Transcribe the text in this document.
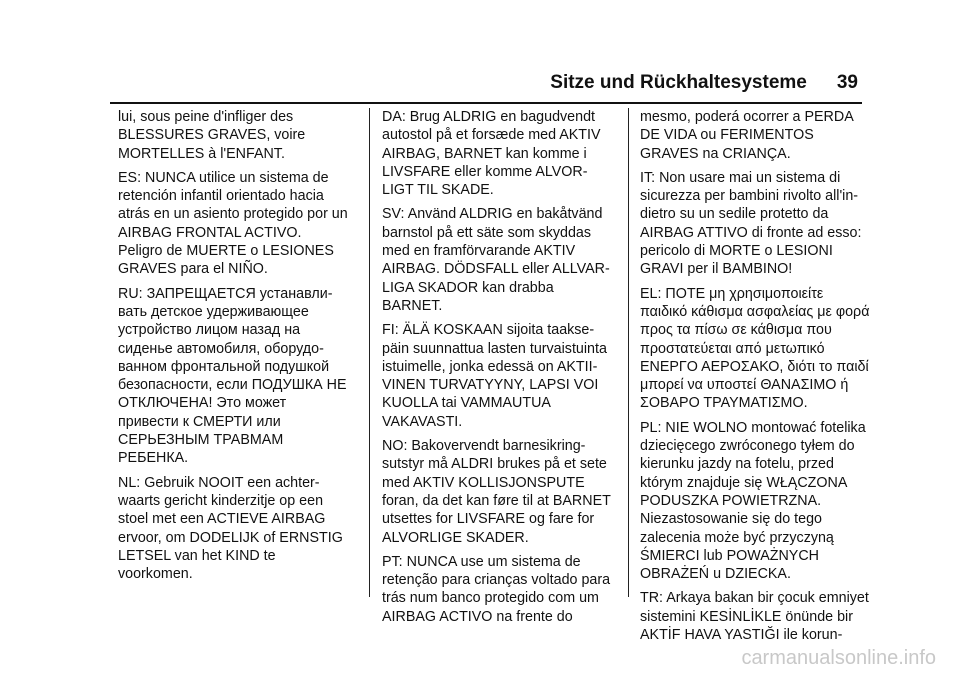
Sitze und Rückhaltesysteme 39

lui, sous peine d'infliger des
BLESSURES GRAVES, voire
MORTELLES à l'ENFANT.

ES: NUNCA utilice un sistema de
retención infantil orientado hacia
atrás en un asiento protegido por un
AIRBAG FRONTAL ACTIVO.
Peligro de MUERTE o LESIONES
GRAVES para el NIÑO.

RU: ЗАПРЕЩАЕТСЯ устанавли-
вать детское удерживающее
устройство лицом назад на
сиденье автомобиля, оборудо-
ванном фронтальной подушкой
безопасности, если ПОДУШКА НЕ
ОТКЛЮЧЕНА! Это может
привести к СМЕРТИ или
СЕРЬЕЗНЫМ ТРАВМАМ
РЕБЕНКА.

NL: Gebruik NOOIT een achter-
waarts gericht kinderzitje op een
stoel met een ACTIEVE AIRBAG
ervoor, om DODELIJK of ERNSTIG
LETSEL van het KIND te
voorkomen.

DA: Brug ALDRIG en bagudvendt
autostol på et forsæde med AKTIV
AIRBAG, BARNET kan komme i
LIVSFARE eller komme ALVOR-
LIGT TIL SKADE.

SV: Använd ALDRIG en bakåtvänd
barnstol på ett säte som skyddas
med en framförvarande AKTIV
AIRBAG. DÖDSFALL eller ALLVAR-
LIGA SKADOR kan drabba
BARNET.

FI: ÄLÄ KOSKAAN sijoita taakse-
päin suunnattua lasten turvaistuinta
istuimelle, jonka edessä on AKTII-
VINEN TURVATYYNY, LAPSI VOI
KUOLLA tai VAMMAUTUA
VAKAVASTI.

NO: Bakovervendt barnesikring-
sutstyr må ALDRI brukes på et sete
med AKTIV KOLLISJONSPUTE
foran, da det kan føre til at BARNET
utsettes for LIVSFARE og fare for
ALVORLIGE SKADER.

PT: NUNCA use um sistema de
retenção para crianças voltado para
trás num banco protegido com um
AIRBAG ACTIVO na frente do

mesmo, poderá ocorrer a PERDA
DE VIDA ou FERIMENTOS
GRAVES na CRIANÇA.

IT: Non usare mai un sistema di
sicurezza per bambini rivolto all'in-
dietro su un sedile protetto da
AIRBAG ATTIVO di fronte ad esso:
pericolo di MORTE o LESIONI
GRAVI per il BAMBINO!

EL: ΠΟΤΕ μη χρησιμοποιείτε
παιδικό κάθισμα ασφαλείας με φορά
προς τα πίσω σε κάθισμα που
προστατεύεται από μετωπικό
ΕΝΕΡΓΟ ΑΕΡΟΣΑΚΟ, διότι το παιδί
μπορεί να υποστεί ΘΑΝΑΣΙΜΟ ή
ΣΟΒΑΡΟ ΤΡΑΥΜΑΤΙΣΜΟ.

PL: NIE WOLNO montować fotelika
dziecięcego zwróconego tyłem do
kierunku jazdy na fotelu, przed
którym znajduje się WŁĄCZONA
PODUSZKA POWIETRZNA.
Niezastosowanie się do tego
zalecenia może być przyczyną
ŚMIERCI lub POWAŻNYCH
OBRAŻEŃ u DZIECKA.

TR: Arkaya bakan bir çocuk emniyet
sistemini KESİNLİKLE önünde bir
AKTİF HAVA YASTIĞI ile korun-

carmanualsonline.info
